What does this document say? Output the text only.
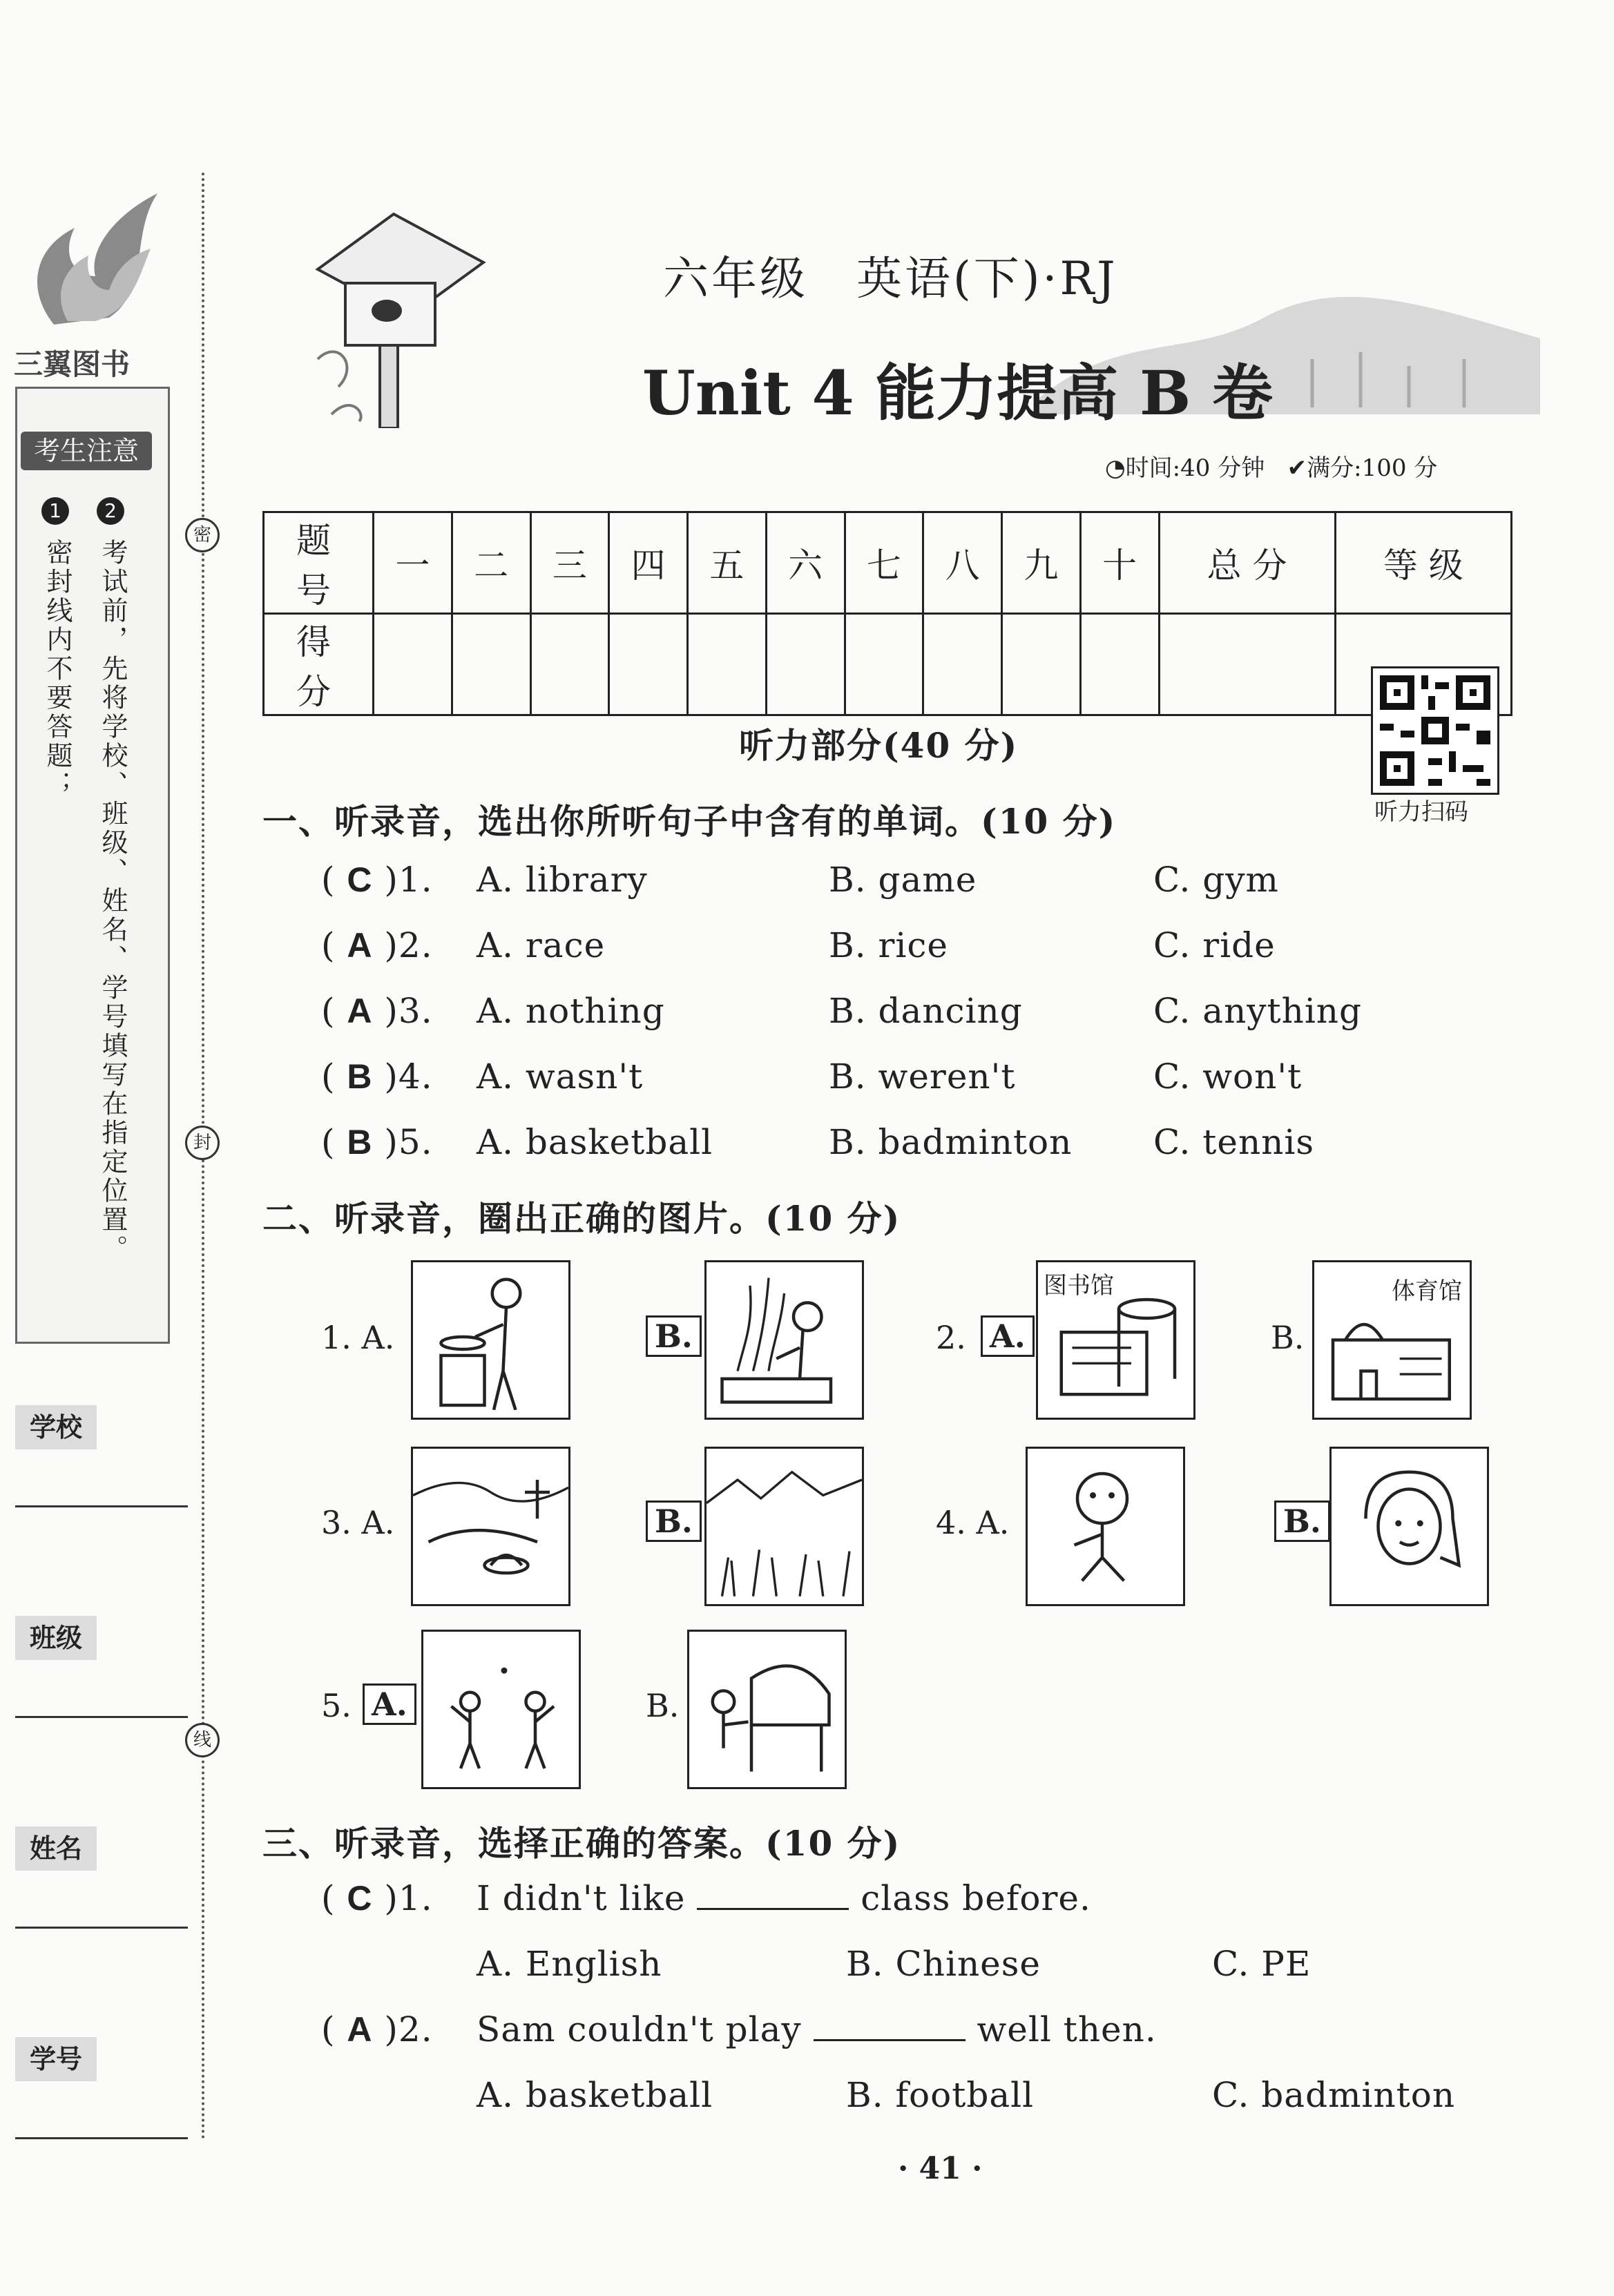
三翼图书
考生注意
1	2
密封线内不要答题； 考试前，先将学校、班级、姓名、学号填写在指定位置。
密
封
线
学校
班级
姓名
学号
六年级　英语(下)·RJ
Unit 4 能力提高 B 卷
◔时间:40 分钟 ✔满分:100 分
题 号	一	二	三	四	五	六	七	八	九	十	总 分	等 级
得 分												
听力扫码
听力部分(40 分)
一、听录音，选出你所听句子中含有的单词。(10 分)
( C )1. A. library	B. game	C. gym
( A )2. A. race	B. rice	C. ride
( A )3. A. nothing	B. dancing	C. anything
( B )4. A. wasn't	B. weren't	C. won't
( B )5. A. basketball	B. badminton C. tennis
二、听录音，圈出正确的图片。(10 分)
1. A.	B.	2. A.
图书馆
B.
体育馆
3. A.	B.	4. A.	B.
5. A.	B.
三、听录音，选择正确的答案。(10 分)
( C )1. I didn't like	class before.
A. English	B. Chinese	C. PE
( A )2. Sam couldn't play	well then.
A. basketball	B. football	C. badminton
· 41 ·
